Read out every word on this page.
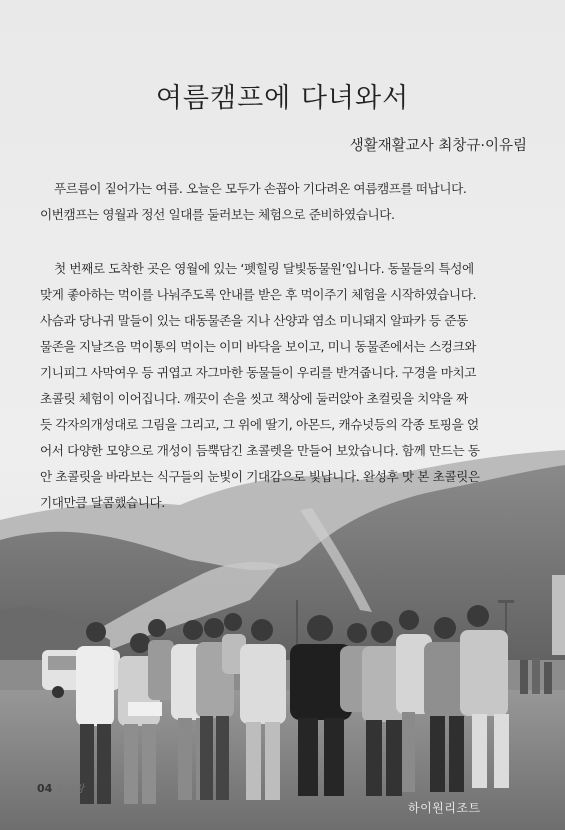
여름캠프에 다녀와서
생활재활교사 최창규·이유림
푸르름이 짙어가는 여름. 오늘은 모두가 손꼽아 기다려온 여름캠프를 떠납니다.
이번캠프는 영월과 정선 일대를 둘러보는 체험으로 준비하였습니다.
첫 번째로 도착한 곳은 영월에 있는 ‘펫힐링 달빛동물원’입니다. 동물들의 특성에
맞게 좋아하는 먹이를 나눠주도록 안내를 받은 후 먹이주기 체험을 시작하였습니다.
사슴과 당나귀 말들이 있는 대동물존을 지나 산양과 염소 미니돼지 알파카 등 준동
물존을 지날즈음 먹이통의 먹이는 이미 바닥을 보이고, 미니 동물존에서는 스컹크와
기니피그 사막여우 등 귀엽고 자그마한 동물들이 우리를 반겨줍니다. 구경을 마치고
초콜릿 체험이 이어집니다. 깨끗이 손을 씻고 책상에 둘러앉아 초컬릿을 치약을 짜
듯 각자의개성대로 그림을 그리고, 그 위에 딸기, 아몬드, 캐슈넛등의 각종 토핑을 얹
어서 다양한 모양으로 개성이 듬뿍담긴 초콜렛을 만들어 보았습니다. 함께 만드는 동
안 초콜릿을 바라보는 식구들의 눈빛이 기대감으로 빛납니다. 완성후 맛 본 초콜릿은
기대만큼 달콤했습니다.
04 늘사랑
하이원리조트
